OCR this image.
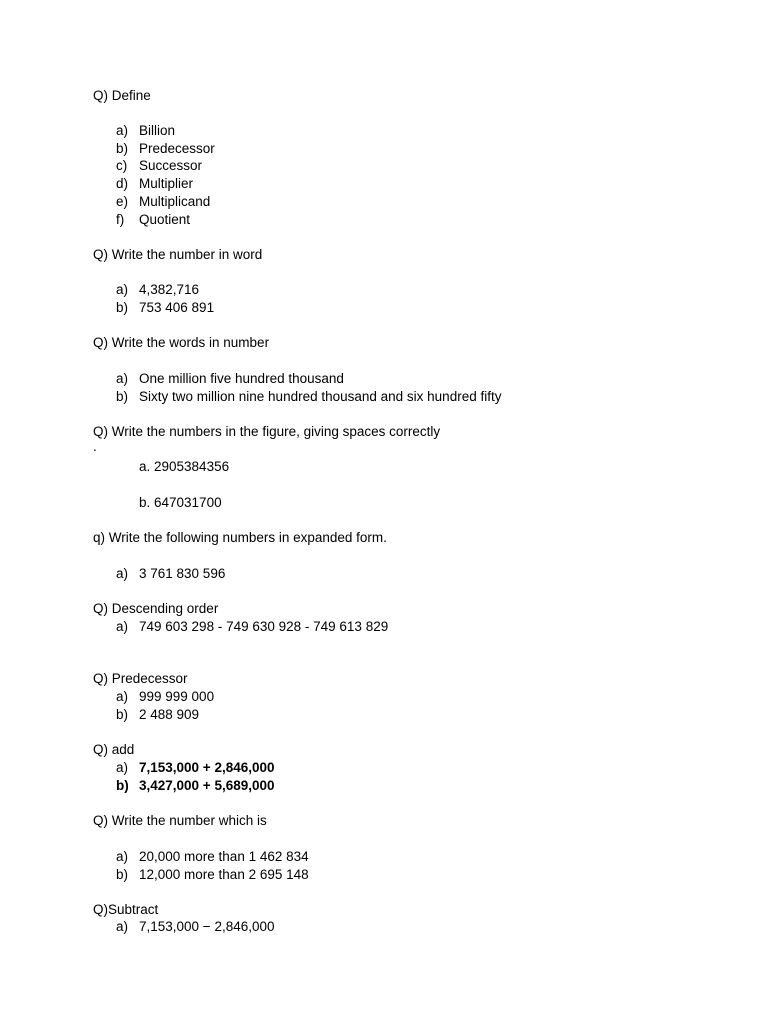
Q) Define
a) Billion
b) Predecessor
c) Successor
d) Multiplier
e) Multiplicand
f) Quotient
Q) Write the number in word
a) 4,382,716
b) 753 406 891
Q) Write the words in number
a) One million five hundred thousand
b) Sixty two million nine hundred thousand and six hundred fifty
Q) Write the numbers in the figure, giving spaces correctly
.
a. 2905384356
b. 647031700
q) Write the following numbers in expanded form.
a) 3 761 830 596
Q) Descending order
a) 749 603 298 - 749 630 928 - 749 613 829
Q) Predecessor
a) 999 999 000
b) 2 488 909
Q) add
a) 7,153,000 + 2,846,000
b) 3,427,000 + 5,689,000
Q) Write the number which is
a) 20,000 more than 1 462 834
b) 12,000 more than 2 695 148
Q)Subtract
a) 7,153,000 − 2,846,000
